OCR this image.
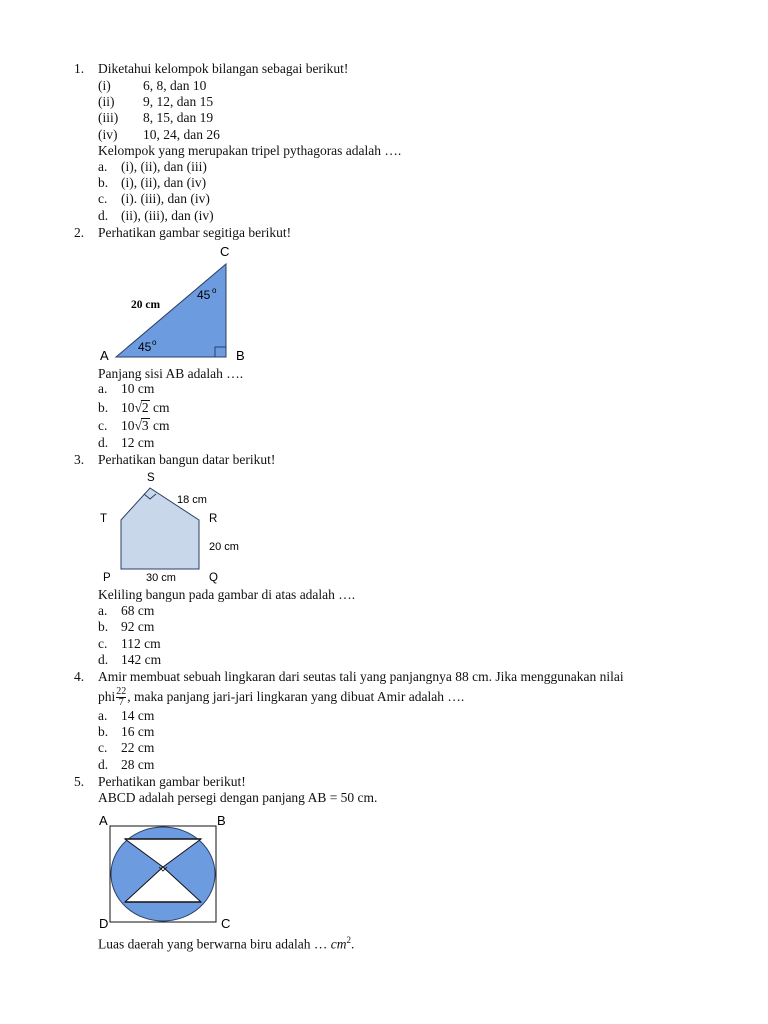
1. Diketahui kelompok bilangan sebagai berikut!
(i) 6, 8, dan 10
(ii) 9, 12, dan 15
(iii) 8, 15, dan 19
(iv) 10, 24, dan 26
Kelompok yang merupakan tripel pythagoras adalah ….
a. (i), (ii), dan (iii)
b. (i), (ii), dan (iv)
c. (i). (iii), dan (iv)
d. (ii), (iii), dan (iv)
2. Perhatikan gambar segitiga berikut!
C
A	B
20 cm
45 o
45 o
Panjang sisi AB adalah ….
a. 10 cm
b. 10√2 cm
c. 10√3 cm
d. 12 cm
3. Perhatikan bangun datar berikut!
S
T	R
P	Q
18 cm
20 cm
30 cm
Keliling bangun pada gambar di atas adalah ….
a. 68 cm
b. 92 cm
c. 112 cm
d. 142 cm
4. Amir membuat sebuah lingkaran dari seutas tali yang panjangnya 88 cm. Jika menggunakan nilai
phi $\frac{22}{7}$ , maka panjang jari-jari lingkaran yang dibuat Amir adalah ….
a. 14 cm
b. 16 cm
c. 22 cm
d. 28 cm
5. Perhatikan gambar berikut!
ABCD adalah persegi dengan panjang AB = 50 cm.
A	B
D	C
Luas daerah yang berwarna biru adalah … $cm^2$.
